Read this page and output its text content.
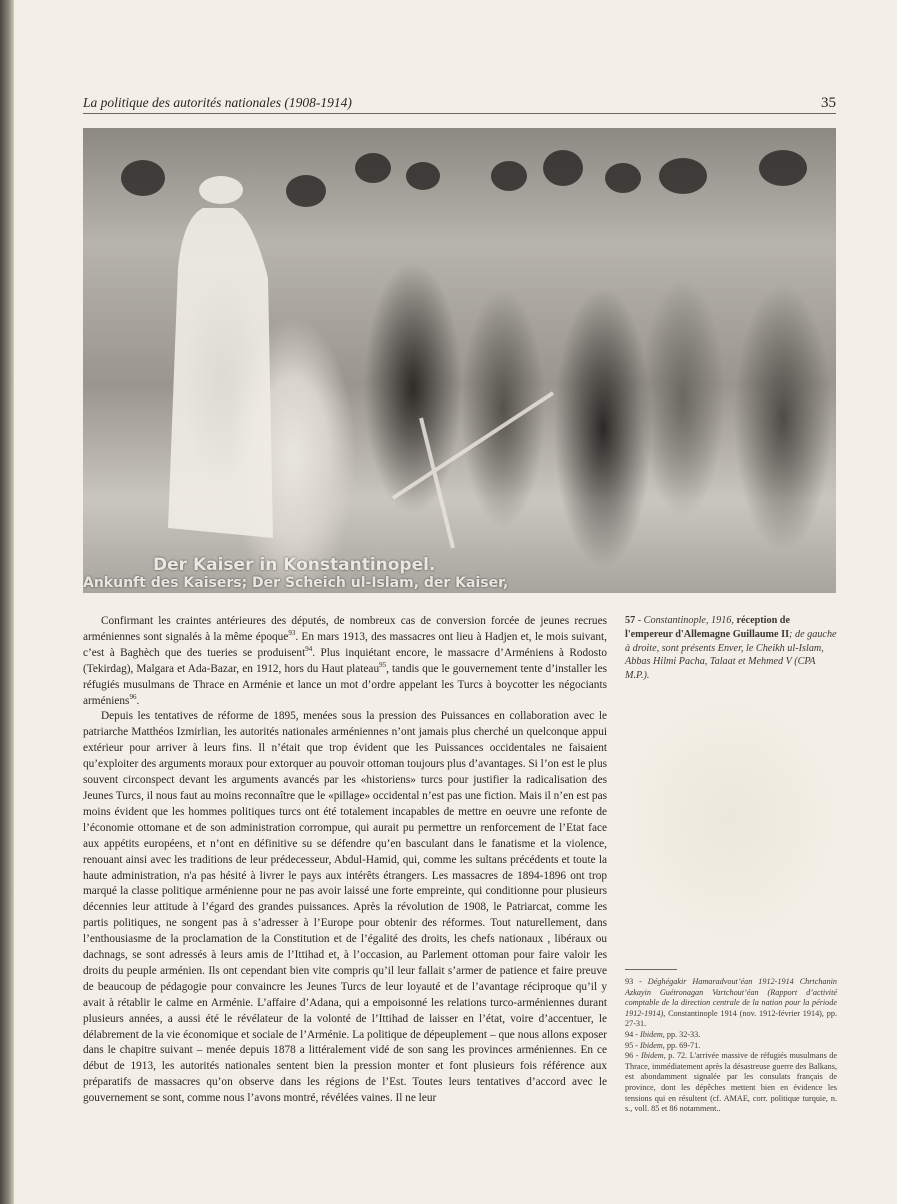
La politique des autorités nationales (1908-1914)	35
Der Kaiser in Konstantinopel.
Ankunft des Kaisers; Der Scheich ul-Islam, der Kaiser,

Confirmant les craintes antérieures des députés, de nombreux cas de conversion forcée de jeunes recrues arméniennes sont signalés à la même époque$^{93}$. En mars 1913, des massacres ont lieu à Hadjen et, le mois suivant, c’est à Baghèch que des tueries se produisent$^{94}$. Plus inquiétant encore, le massacre d’Arméniens à Rodosto (Tekirdag), Malgara et Ada-Bazar, en 1912, hors du Haut plateau$^{95}$, tandis que le gouvernement tente d’installer les réfugiés musulmans de Thrace en Arménie et lance un mot d’ordre appelant les Turcs à boycotter les négociants arméniens$^{96}$.

Depuis les tentatives de réforme de 1895, menées sous la pression des Puissances en collaboration avec le patriarche Matthéos Izmirlian, les autorités nationales arméniennes n’ont jamais plus cherché un quelconque appui extérieur pour arriver à leurs fins. Il n’était que trop évident que les Puissances occidentales ne faisaient qu’exploiter des arguments moraux pour extorquer au pouvoir ottoman toujours plus d’avantages. Si l’on est le plus souvent circonspect devant les arguments avancés par les «historiens» turcs pour justifier la radicalisation des Jeunes Turcs, il nous faut au moins reconnaître que le «pillage» occidental n’est pas une fiction. Mais il n’en est pas moins évident que les hommes politiques turcs ont été totalement incapables de mettre en oeuvre une refonte de l’économie ottomane et de son administration corrompue, qui aurait pu permettre un renforcement de l’Etat face aux appétits européens, et n’ont en définitive su se défendre qu’en basculant dans le fanatisme et la violence, renouant ainsi avec les traditions de leur prédecesseur, Abdul-Hamid, qui, comme les sultans précédents et toute la haute administration, n'a pas hésité à livrer le pays aux intérêts étrangers. Les massacres de 1894-1896 ont trop marqué la classe politique arménienne pour ne pas avoir laissé une forte empreinte, qui conditionne pour plusieurs décennies leur attitude à l’égard des grandes puissances. Après la révolution de 1908, le Patriarcat, comme les partis politiques, ne songent pas à s’adresser à l’Europe pour obtenir des réformes. Tout naturellement, dans l’enthousiasme de la proclamation de la Constitution et de l’égalité des droits, les chefs nationaux , libéraux ou dachnags, se sont adressés à leurs amis de l’Ittihad et, à l’occasion, au Parlement ottoman pour faire valoir les droits du peuple arménien. Ils ont cependant bien vite compris qu’il leur fallait s’armer de patience et faire preuve de beaucoup de pédagogie pour convaincre les Jeunes Turcs de leur loyauté et de l’avantage réciproque qu’il y avait à rétablir le calme en Arménie. L’affaire d’Adana, qui a empoisonné les relations turco-arméniennes durant plusieurs années, a aussi été le révélateur de la volonté de l’Ittihad de laisser en l’état, voire d’accentuer, le délabrement de la vie économique et sociale de l’Arménie. La politique de dépeuplement – que nous allons exposer dans le chapitre suivant – menée depuis 1878 a littéralement vidé de son sang les provinces arméniennes. En ce début de 1913, les autorités nationales sentent bien la pression monter et font plusieurs fois référence aux préparatifs de massacres qu’on observe dans les régions de l’Est. Toutes leurs tentatives d’accord avec le gouvernement se sont, comme nous l’avons montré, révélées vaines. Il ne leur

57 - Constantinople, 1916, réception de l'empereur d'Allemagne Guillaume II; de gauche à droite, sont présents Enver, le Cheikh ul-Islam, Abbas Hilmi Pacha, Talaat et Mehmed V (CPA M.P.).

93 - Déghégakir Hamaradvout’éan 1912-1914 Chrtchanin Azkayin Guétronagan Vartchout’éan (Rapport d’activité comptable de la direction centrale de la nation pour la période 1912-1914), Constantinople 1914 (nov. 1912-février 1914), pp. 27-31.

94 - Ibidem, pp. 32-33.

95 - Ibidem, pp. 69-71.

96 - Ibidem, p. 72. L'arrivée massive de réfugiés musulmans de Thrace, immédiatement après la désastreuse guerre des Balkans, est abondamment signalée par les consulats français de province, dont les dépêches mettent bien en évidence les tensions qui en résultent (cf. AMAE, corr. politique turquie, n. s., voll. 85 et 86 notamment..
